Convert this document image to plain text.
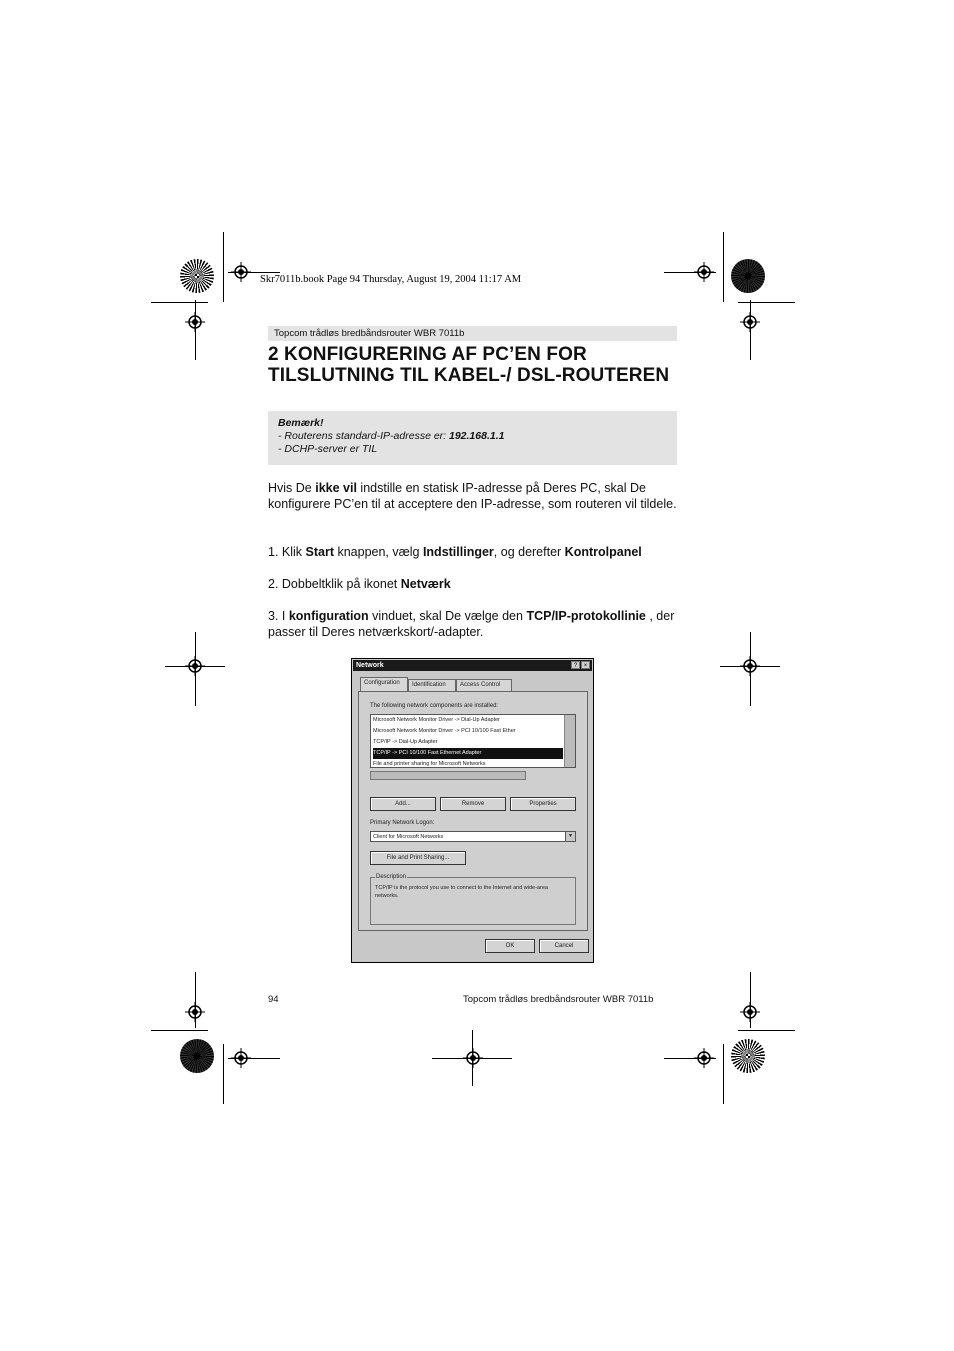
Skr7011b.book Page 94 Thursday, August 19, 2004 11:17 AM
Topcom trådløs bredbåndsrouter WBR 7011b
2 KONFIGURERING AF PC’EN FOR
TILSLUTNING TIL KABEL-/ DSL-ROUTEREN
Bemærk!
- Routerens standard-IP-adresse er: 192.168.1.1
- DCHP-server er TIL
Hvis De ikke vil indstille en statisk IP-adresse på Deres PC, skal De konfigurere PC’en til at acceptere den IP-adresse, som routeren vil tildele.
1. Klik Start knappen, vælg Indstillinger, og derefter Kontrolpanel
2. Dobbeltklik på ikonet Netværk
3. I konfiguration vinduet, skal De vælge den TCP/IP-protokollinie , der passer til Deres netværkskort/-adapter.
Network	?	×
Configuration	Identification	Access Control
The following network components are installed:
Microsoft Network Monitor Driver -> Dial-Up Adapter
Microsoft Network Monitor Driver -> PCI 10/100 Fast Ether
TCP/IP -> Dial-Up Adapter
TCP/IP -> PCI 10/100 Fast Ethernet Adapter
File and printer sharing for Microsoft Networks
Add...	Remove	Properties
Primary Network Logon:
Client for Microsoft Networks	▼
File and Print Sharing...
Description
TCP/IP is the protocol you use to connect to the Internet and wide-area networks.
OK	Cancel
94	Topcom trådløs bredbåndsrouter WBR 7011b
